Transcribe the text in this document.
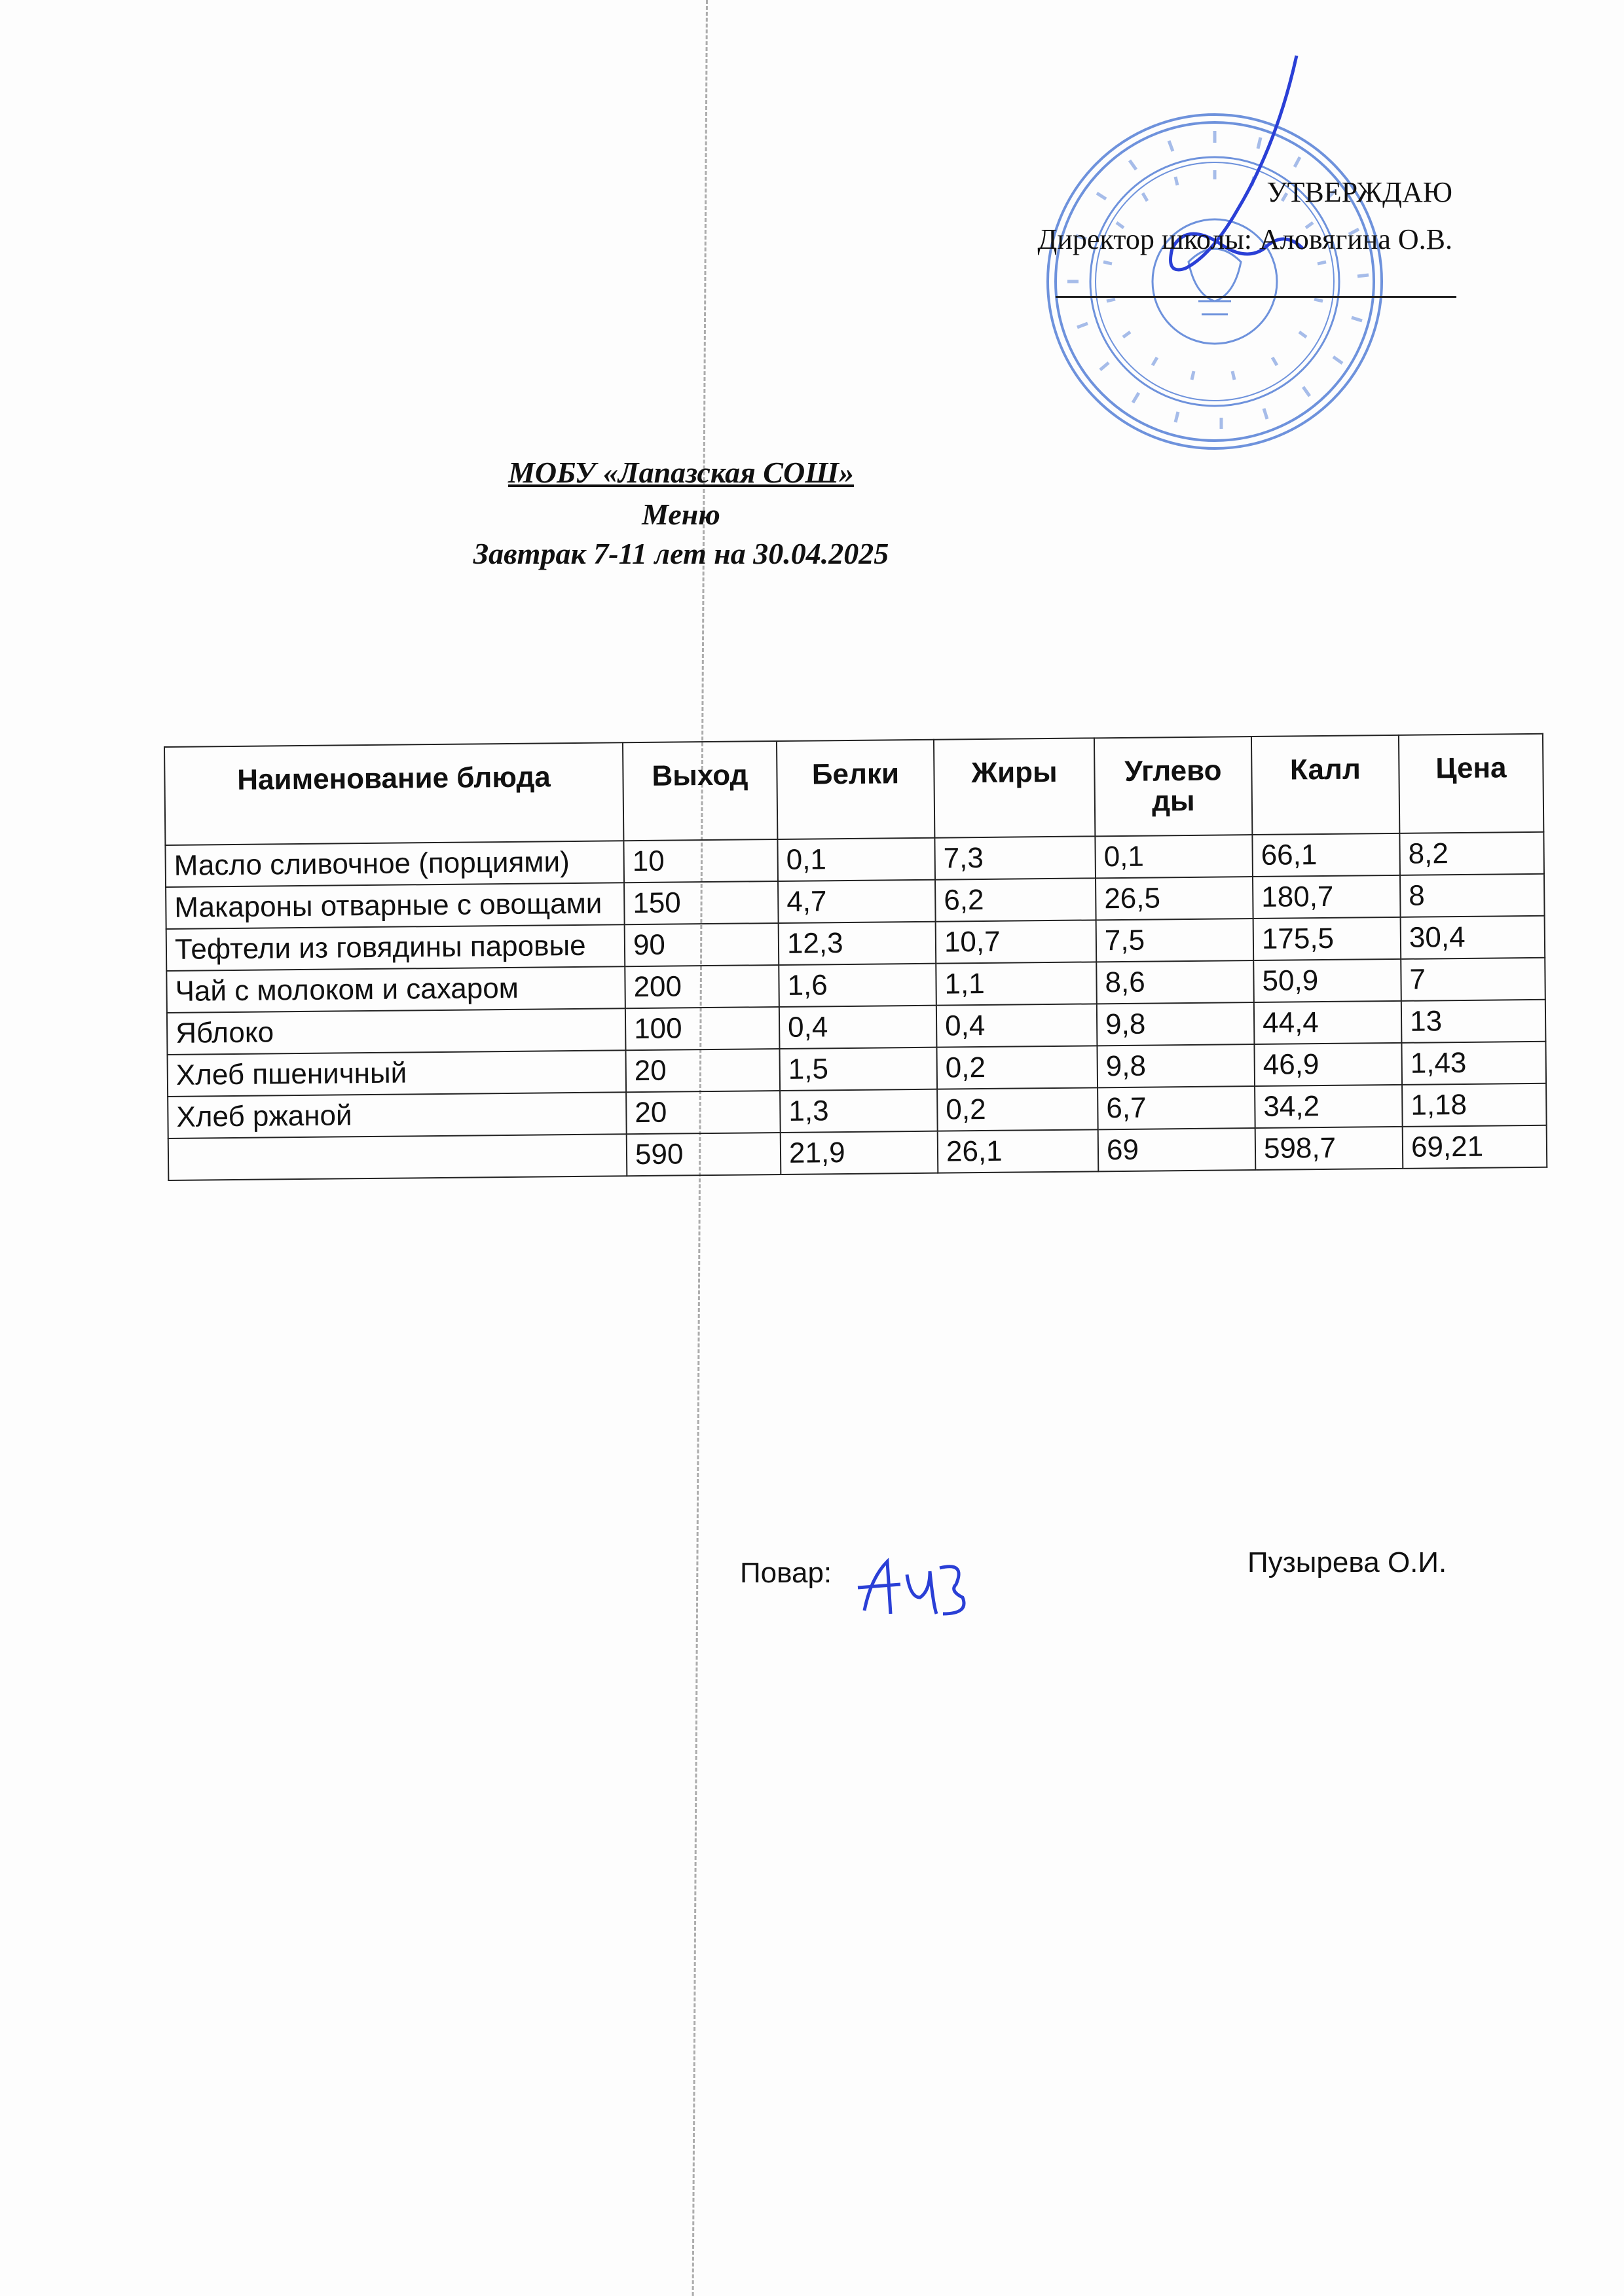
УТВЕРЖДАЮ
Директор школы: Аловягина О.В.
МОБУ «Лапазская СОШ»
Меню
Завтрак 7-11 лет на 30.04.2025
Наименование блюда	Выход	Белки	Жиры	Углево ды	Калл	Цена
Масло сливочное (порциями)	10	0,1	7,3	0,1	66,1	8,2
Макароны отварные с овощами	150	4,7	6,2	26,5	180,7	8
Тефтели из говядины паровые	90	12,3	10,7	7,5	175,5	30,4
Чай с молоком и сахаром	200	1,6	1,1	8,6	50,9	7
Яблоко	100	0,4	0,4	9,8	44,4	13
Хлеб пшеничный	20	1,5	0,2	9,8	46,9	1,43
Хлеб ржаной	20	1,3	0,2	6,7	34,2	1,18
	590	21,9	26,1	69	598,7	69,21
Повар:	Пузырева О.И.
